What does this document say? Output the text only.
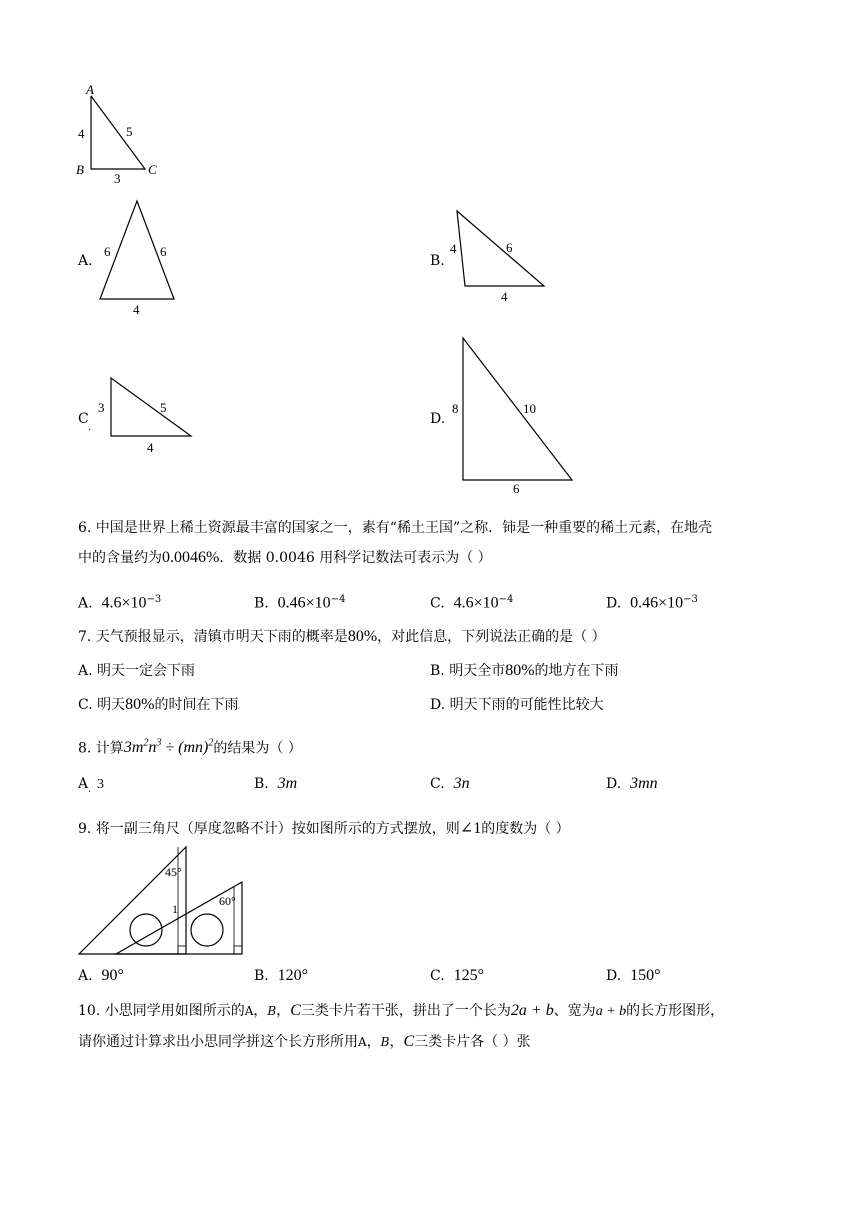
A
4	5
B	C
3
A.
6	6
4
B.
4	6
4
C
.
3	5
4
D.
8	10
6
6. 中国是世界上稀土资源最丰富的国家之一，素有“稀土王国”之称．铈是一种重要的稀土元素，在地壳
中的含量约为0.0046%．数据 0.0046 用科学记数法可表示为（ ）
A. $4.6\times 10^{-3}$	B. $0.46\times 10^{-4}$	C. $4.6\times 10^{-4}$	D. $0.46\times 10^{-3}$
7. 天气预报显示，清镇市明天下雨的概率是80%，对此信息，下列说法正确的是（ ）
A. 明天一定会下雨	B. 明天全市80%的地方在下雨
C. 明天80%的时间在下雨	D. 明天下雨的可能性比较大
8. 计算$3m^2n^3 \div (mn)^2$的结果为（ ）
A 3
.	B. 3m	C. 3n	D. 3mn
9. 将一副三角尺（厚度忽略不计）按如图所示的方式摆放，则∠1的度数为（ ）
45°
60°
1
A. 90°	B. 120°	C. 125°	D. 150°
10. 小思同学用如图所示的A，B，C三类卡片若干张，拼出了一个长为2a + b、宽为a + b的长方形图形，
请你通过计算求出小思同学拼这个长方形所用A，B，C三类卡片各（ ）张
